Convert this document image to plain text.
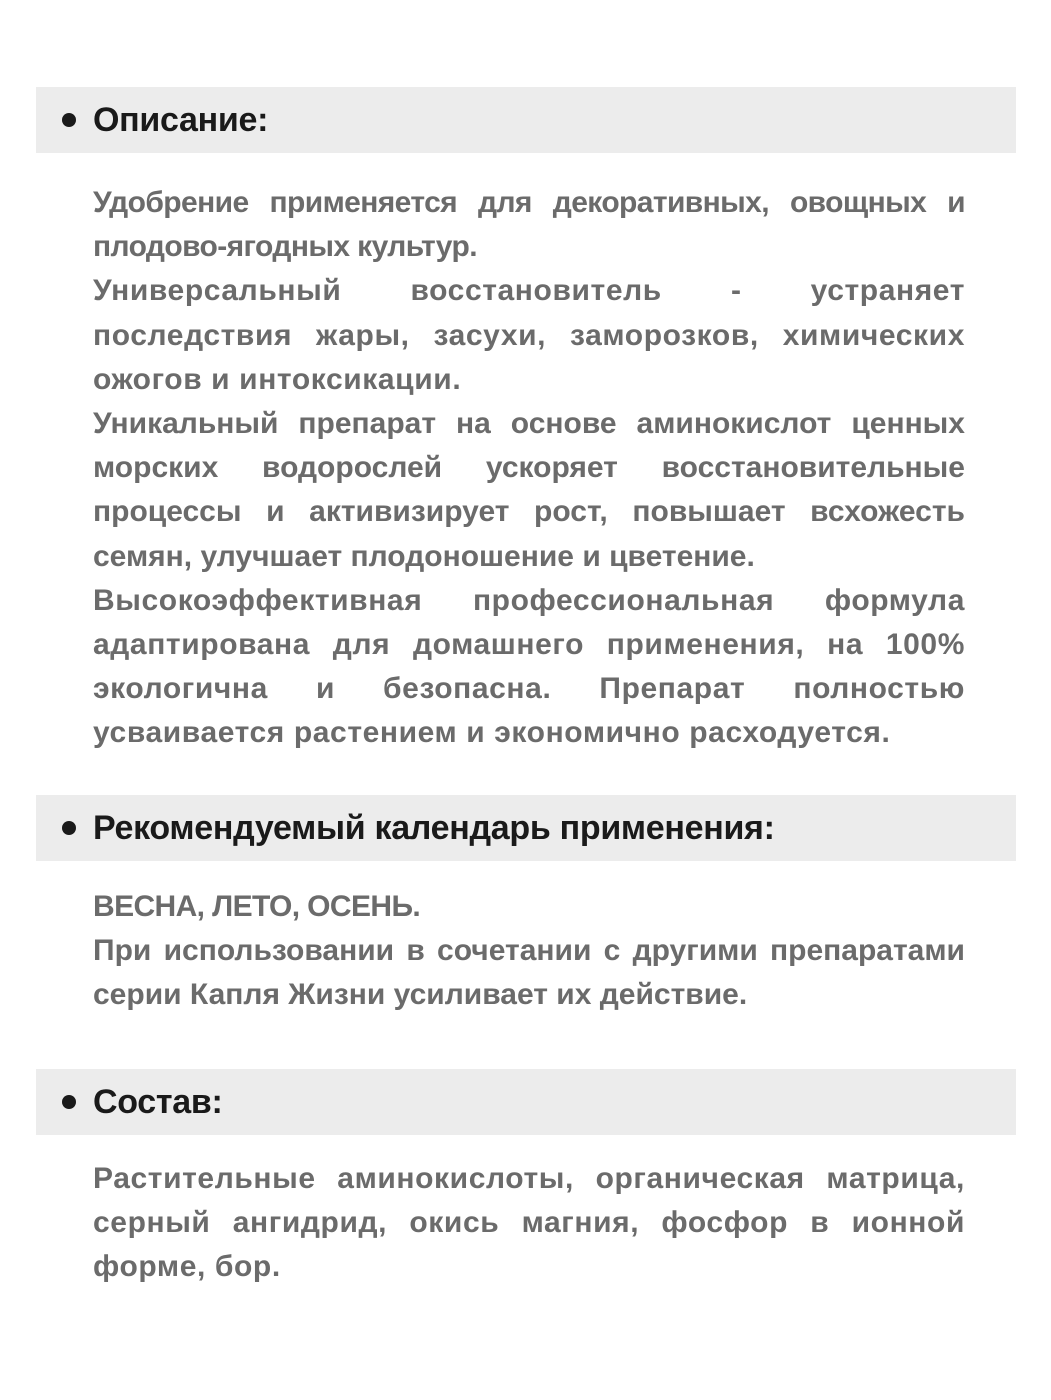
Описание:

Удобрение применяется для декоративных, овощных и плодово-ягодных культур.

Универсальный восстановитель - устраняет последствия жары, засухи, заморозков, химических ожогов и интоксикации.

Уникальный препарат на основе аминокислот ценных морских водорослей ускоряет восстановительные процессы и активизирует рост, повышает всхожесть семян, улучшает плодоношение и цветение.

Высокоэффективная профессиональная формула адаптирована для домашнего применения, на 100% экологична и безопасна. Препарат полностью усваивается растением и экономично расходуется.

Рекомендуемый календарь применения:

ВЕСНА, ЛЕТО, ОСЕНЬ.

При использовании в сочетании с другими препаратами серии Капля Жизни усиливает их действие.

Состав:

Растительные аминокислоты, органическая матрица, серный ангидрид, окись магния, фосфор в ионной форме, бор.
